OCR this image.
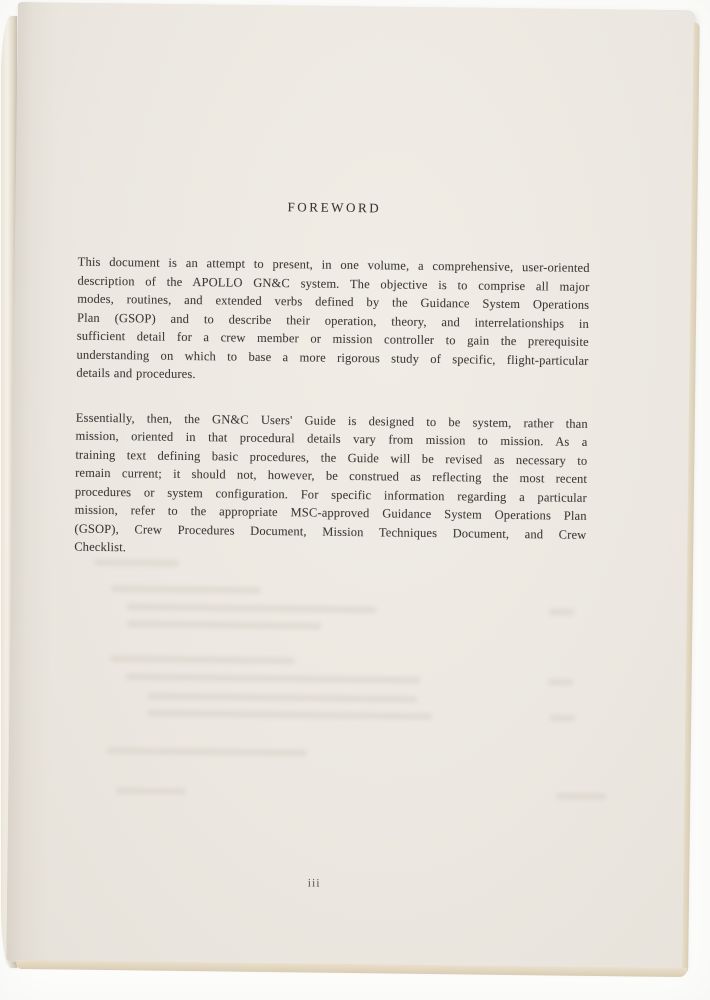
FOREWORD
This document is an attempt to present, in one volume, a comprehensive, user-oriented
description of the APOLLO GN&C system. The objective is to comprise all major
modes, routines, and extended verbs defined by the Guidance System Operations
Plan (GSOP) and to describe their operation, theory, and interrelationships in
sufficient detail for a crew member or mission controller to gain the prerequisite
understanding on which to base a more rigorous study of specific, flight-particular
details and procedures.
Essentially, then, the GN&C Users' Guide is designed to be system, rather than
mission, oriented in that procedural details vary from mission to mission. As a
training text defining basic procedures, the Guide will be revised as necessary to
remain current; it should not, however, be construed as reflecting the most recent
procedures or system configuration. For specific information regarding a particular
mission, refer to the appropriate MSC-approved Guidance System Operations Plan
(GSOP), Crew Procedures Document, Mission Techniques Document, and Crew
Checklist.
iii
